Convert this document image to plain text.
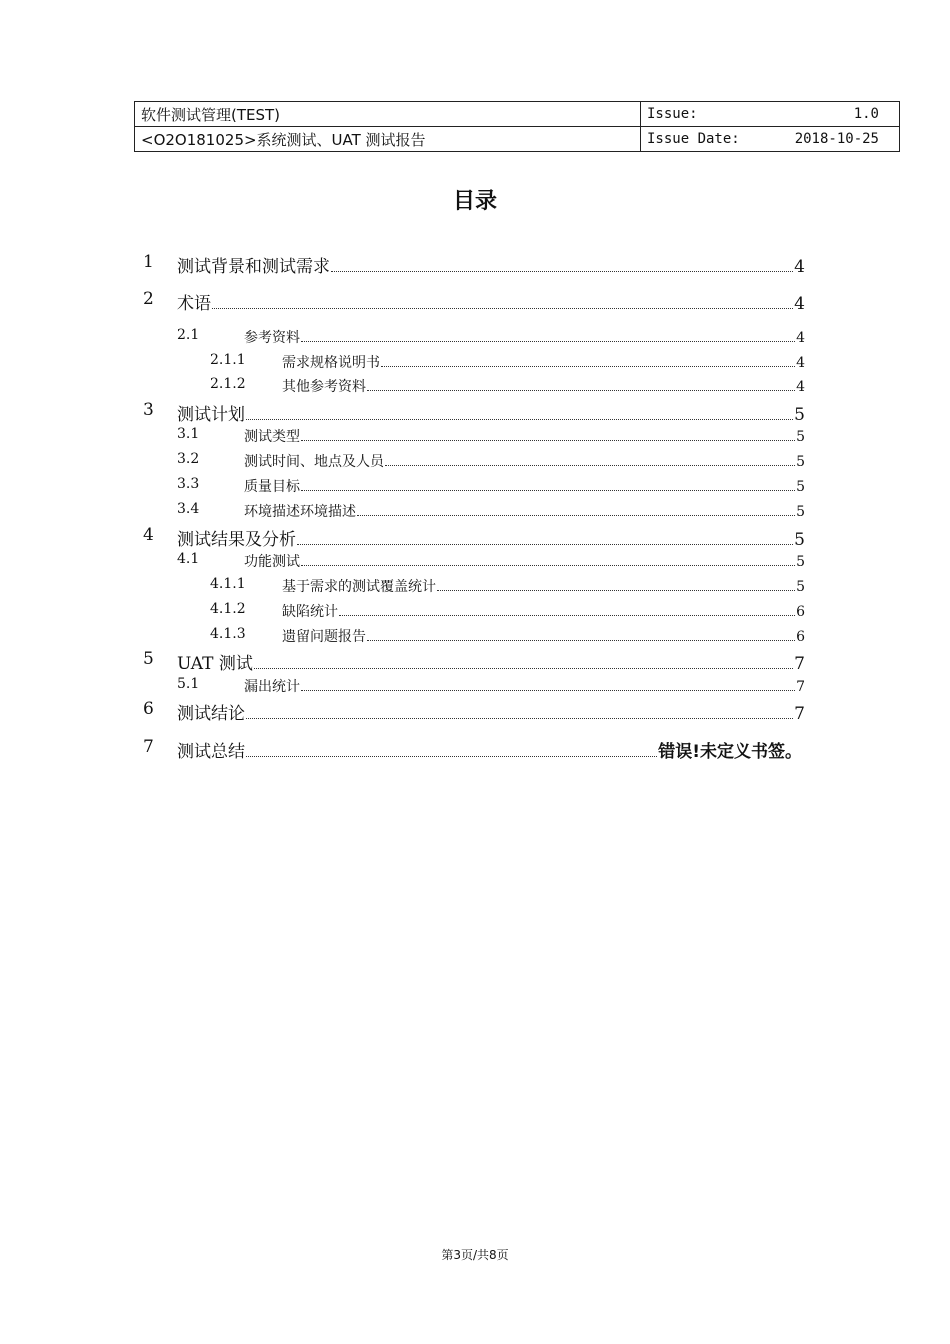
软件测试管理(TEST)	Issue: 1.0

<O2O181025>系统测试、UAT 测试报告	Issue Date: 2018-10-25
目录
1 测试背景和测试需求	4
2 术语	4
2.1	参考资料	4
2.1.1	需求规格说明书	4
2.1.2	其他参考资料	4
3 测试计划	5
3.1	测试类型	5
3.2	测试时间、地点及人员	5
3.3	质量目标	5
3.4	环境描述环境描述	5
4 测试结果及分析	5
4.1	功能测试	5
4.1.1	基于需求的测试覆盖统计	5
4.1.2	缺陷统计	6
4.1.3	遗留问题报告	6
5 UAT 测试	7
5.1	漏出统计	7
6 测试结论	7
7 测试总结	错误!未定义书签。
第3页/共8页
